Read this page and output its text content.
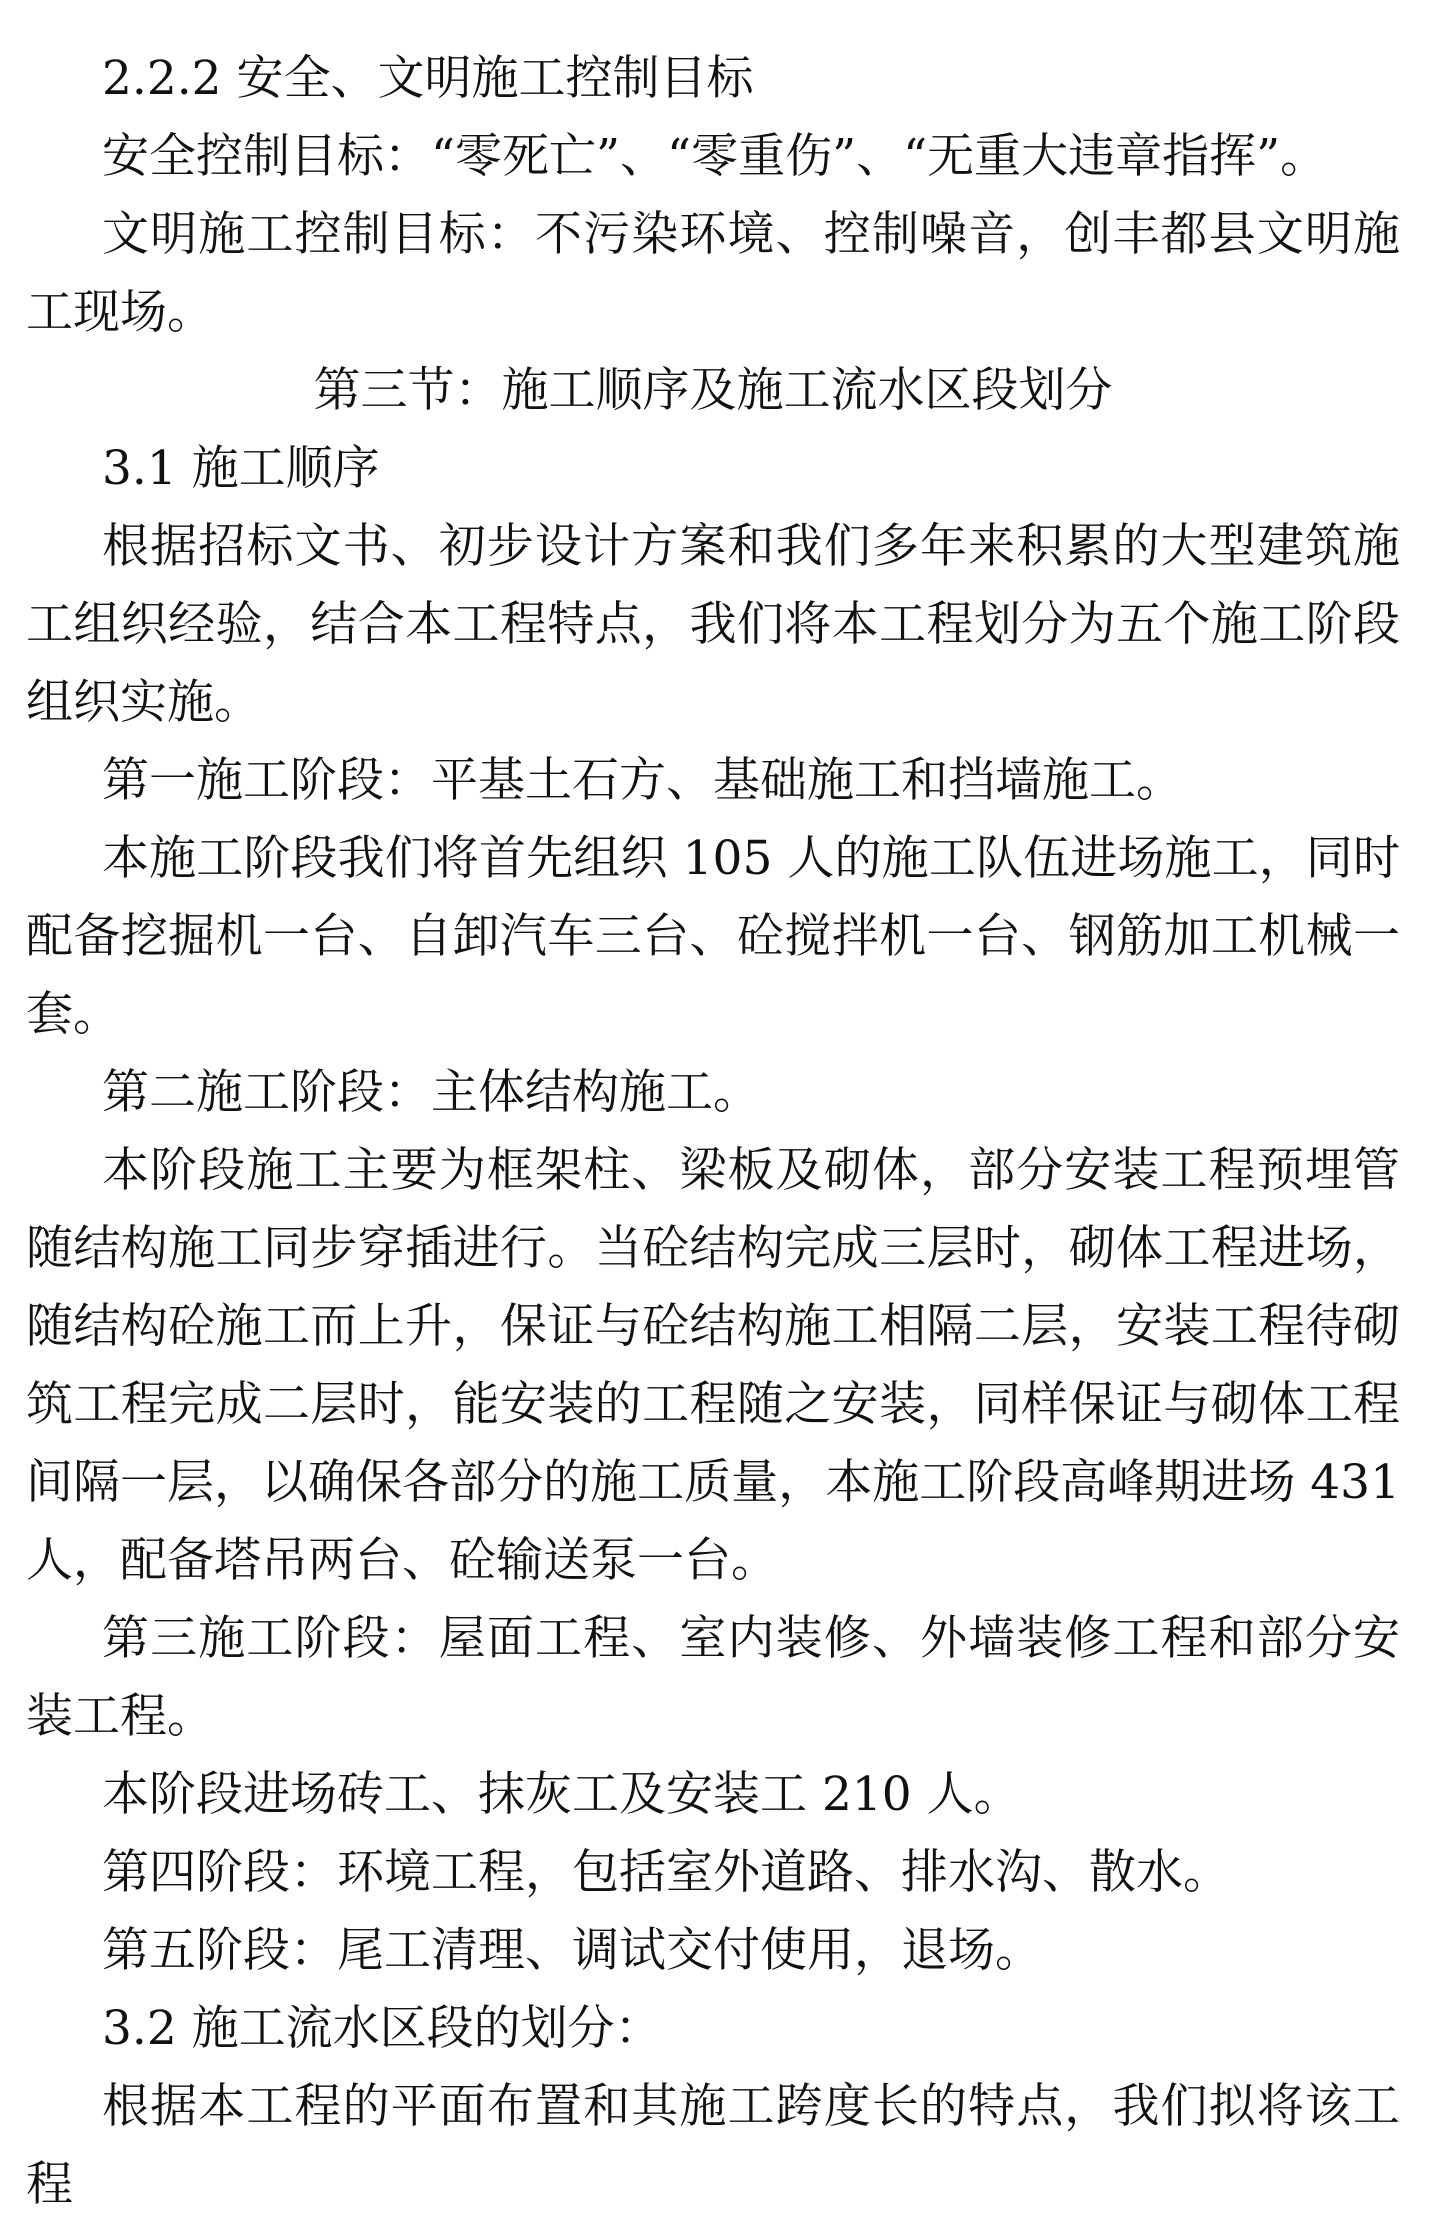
2.2.2 安全、文明施工控制目标

安全控制目标：“零死亡”、“零重伤”、“无重大违章指挥”。

文明施工控制目标：不污染环境、控制噪音，创丰都县文明施工现场。

第三节：施工顺序及施工流水区段划分

3.1 施工顺序

根据招标文书、初步设计方案和我们多年来积累的大型建筑施工组织经验，结合本工程特点，我们将本工程划分为五个施工阶段组织实施。

第一施工阶段：平基土石方、基础施工和挡墙施工。

本施工阶段我们将首先组织 105 人的施工队伍进场施工，同时配备挖掘机一台、自卸汽车三台、砼搅拌机一台、钢筋加工机械一套。

第二施工阶段：主体结构施工。

本阶段施工主要为框架柱、梁板及砌体，部分安装工程预埋管随结构施工同步穿插进行。当砼结构完成三层时，砌体工程进场，随结构砼施工而上升，保证与砼结构施工相隔二层，安装工程待砌筑工程完成二层时，能安装的工程随之安装，同样保证与砌体工程间隔一层，以确保各部分的施工质量，本施工阶段高峰期进场 431 人，配备塔吊两台、砼输送泵一台。

第三施工阶段：屋面工程、室内装修、外墙装修工程和部分安装工程。

本阶段进场砖工、抹灰工及安装工 210 人。

第四阶段：环境工程，包括室外道路、排水沟、散水。

第五阶段：尾工清理、调试交付使用，退场。

3.2 施工流水区段的划分：

根据本工程的平面布置和其施工跨度长的特点，我们拟将该工程
